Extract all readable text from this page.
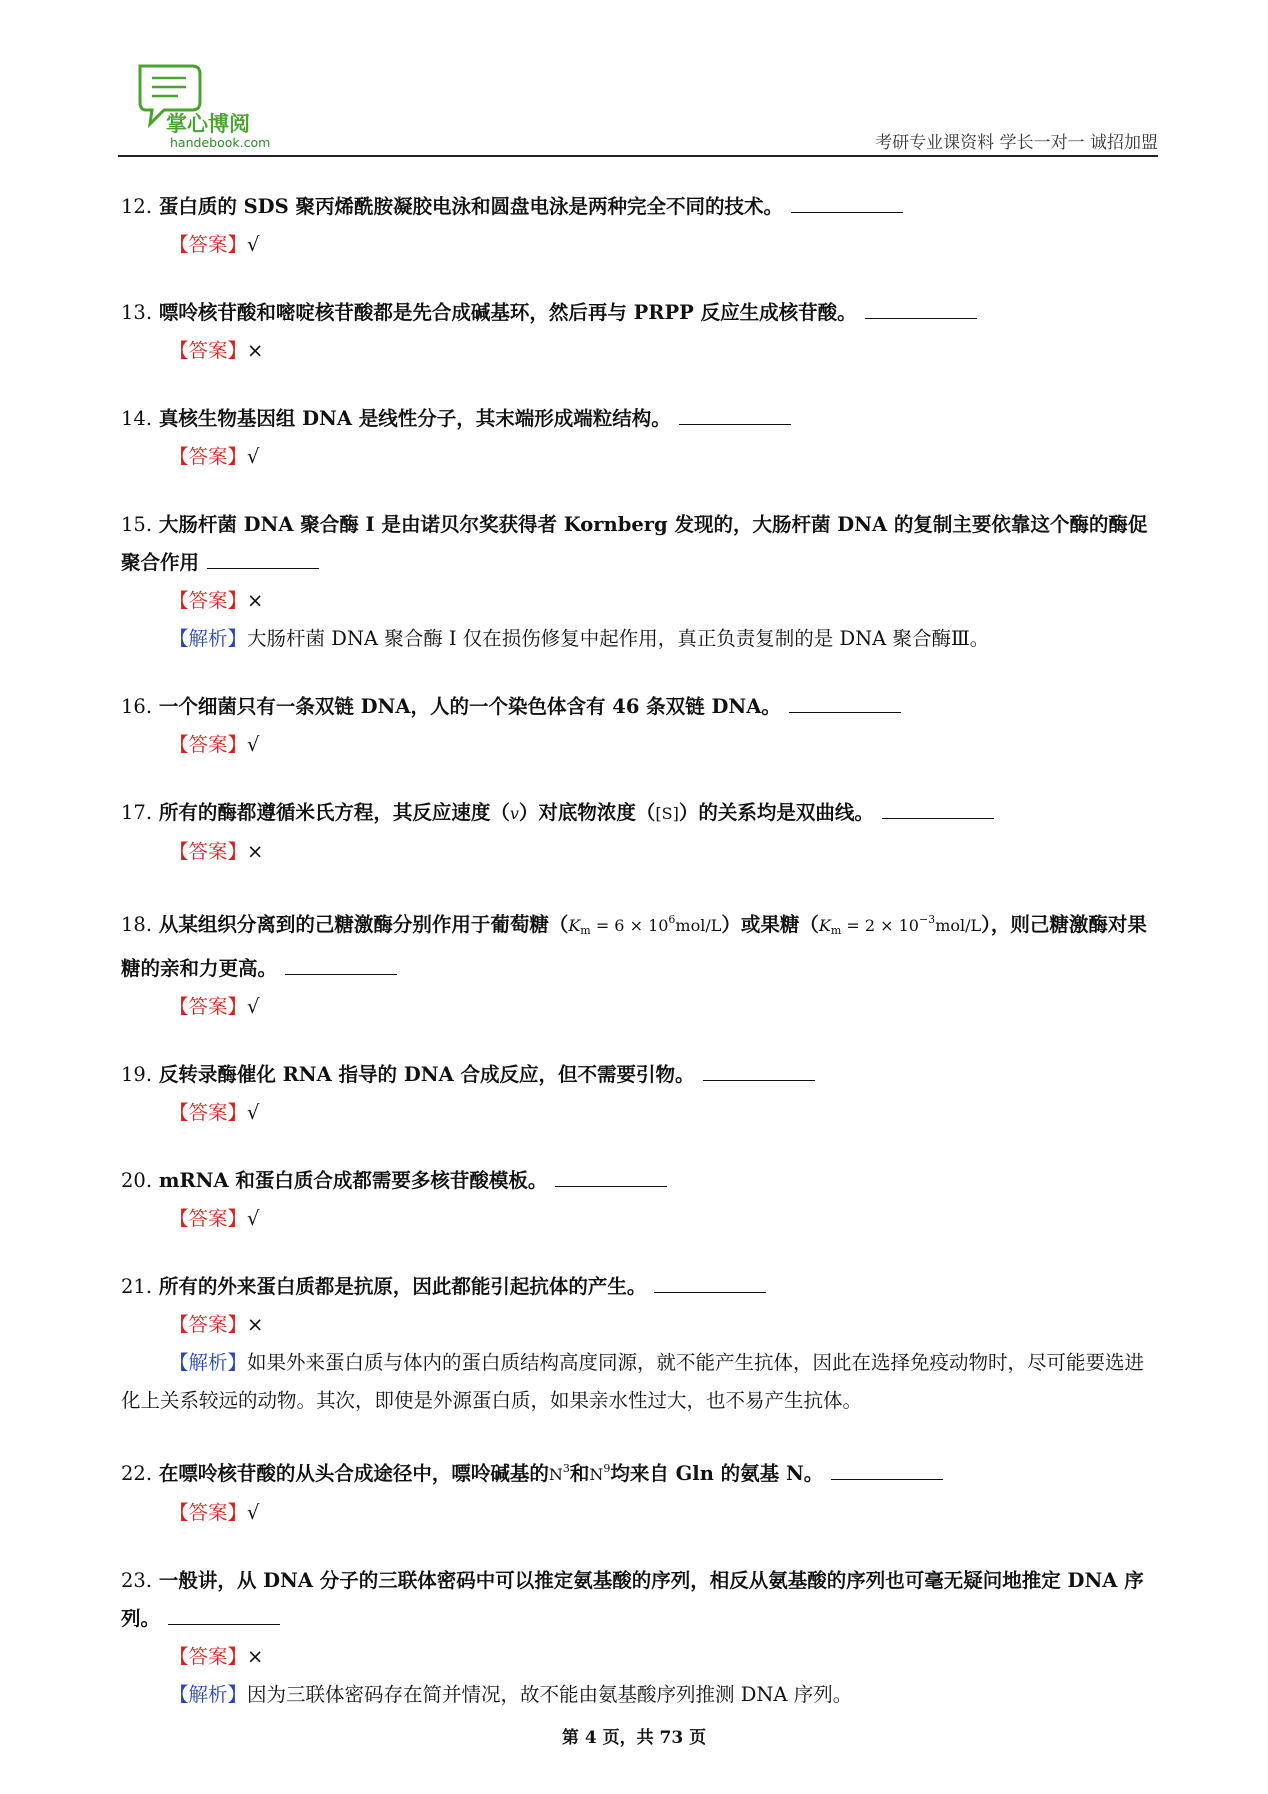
掌心博阅
handebook.com	考研专业课资料 学长一对一 诚招加盟
12. 蛋白质的 SDS 聚丙烯酰胺凝胶电泳和圆盘电泳是两种完全不同的技术。
【答案】√
13. 嘌呤核苷酸和嘧啶核苷酸都是先合成碱基环，然后再与 PRPP 反应生成核苷酸。
【答案】×
14. 真核生物基因组 DNA 是线性分子，其末端形成端粒结构。
【答案】√
15. 大肠杆菌 DNA 聚合酶 I 是由诺贝尔奖获得者 Kornberg 发现的，大肠杆菌 DNA 的复制主要依靠这个酶的酶促聚合作用
【答案】×
【解析】大肠杆菌 DNA 聚合酶 I 仅在损伤修复中起作用，真正负责复制的是 DNA 聚合酶Ⅲ。
16. 一个细菌只有一条双链 DNA，人的一个染色体含有 46 条双链 DNA。
【答案】√
17. 所有的酶都遵循米氏方程，其反应速度（v）对底物浓度（[S]）的关系均是双曲线。
【答案】×
18. 从某组织分离到的己糖激酶分别作用于葡萄糖$(K_m = 6 \times 10^6mol/L)$或果糖$(K_m = 2 \times 10^{-3}mol/L)$，则己糖激酶对果糖的亲和力更高。
【答案】√
19. 反转录酶催化 RNA 指导的 DNA 合成反应，但不需要引物。
【答案】√
20. mRNA 和蛋白质合成都需要多核苷酸模板。
【答案】√
21. 所有的外来蛋白质都是抗原，因此都能引起抗体的产生。
【答案】×
【解析】如果外来蛋白质与体内的蛋白质结构高度同源，就不能产生抗体，因此在选择免疫动物时，尽可能要选进化上关系较远的动物。其次，即使是外源蛋白质，如果亲水性过大，也不易产生抗体。
22. 在嘌呤核苷酸的从头合成途径中，嘌呤碱基的$N^3$和$N^9$均来自 Gln 的氨基 N。
【答案】√
23. 一般讲，从 DNA 分子的三联体密码中可以推定氨基酸的序列，相反从氨基酸的序列也可毫无疑问地推定 DNA 序列。
【答案】×
【解析】因为三联体密码存在简并情况，故不能由氨基酸序列推测 DNA 序列。
第 4 页，共 73 页
